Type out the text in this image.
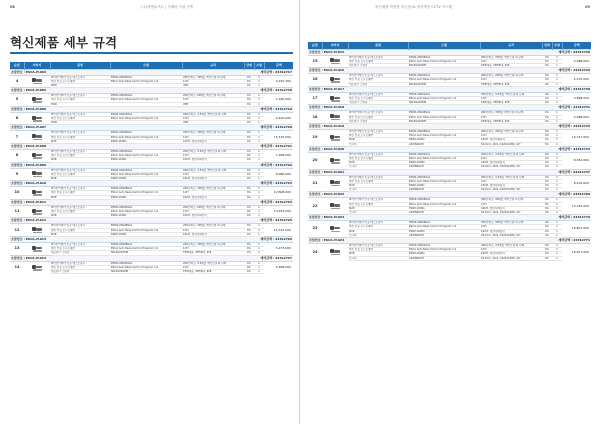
08	(주)씨앤소프트 | 카메라 사업 구축
혁신제품 세부 규격
순번	이미지	품명	모델	규격	단위	수량	금액
조달번호 : ESCA-IT-004				계약금액 : 24312717			
4		IP기반카메라 인증 테스트장치	ENOS-0S0080AL	200만화소, 30배율 계약모델 외 판매	EA	1	4,915,300
		혁신 인증 소프트웨어	ESCA Anti-Haze Control Program 1.0	1CH	EA	1	
		HDD		4TB	EA	1	
조달번호 : ESCA-IT-005				계약금액 : 24312718			
5		IP기반카메라 인증 테스트장치	ENOS-0S0020AL	200만화소, 20배율 계약모델 외 판매	EA	1	2,340,000
		혁신 인증 소프트웨어	ESCA Anti-Haze Control Program 1.0	1CH	EA	1	
		HDD		4TB	EA	1	
조달번호 : ESCA-IT-006				계약금액 : 24312719			
6		IP기반카메라 인증 테스트장치	ENOS-0S0020AL	200만화소, 4.3배율 계약모델 외 판매	EA	1	2,610,000
		혁신 인증 소프트웨어	ESCA Anti-Haze Control Program 1.0	1CH	EA	1	
		HDD		4TB	EA	1	
조달번호 : ESCA-IT-007				계약금액 : 24312720			
7		IP기반카메라 인증 테스트장치	ENOS-0S0080AL	200만화소, 30배율 계약모델 외 판매	EA	1	15,575,000
		혁신 인증 소프트웨어	ESCA Anti-Haze Control Program 1.0	1CH	EA	1	
		NVR	ESRP-16001	16CH, 영상녹화장치	EA	1	
조달번호 : ESCA-IT-008				계약금액 : 24312721			
8		IP기반카메라 인증 테스트장치	ENOS-0S0020AL	200만화소, 4.3배율 계약모델 외 판매	EA	1	7,998,000
		혁신 인증 소프트웨어	ESCA Anti-Haze Control Program 1.0	1CH	EA	1	
		NVR	ESRP-16001	16CH, 영상녹화장치	EA	1	
조달번호 : ESCA-IT-009				계약금액 : 24312722			
9		IP기반카메라 인증 테스트장치	ENOS-0S0020AL	200만화소, 4.3배율 계약모델 외 판매	EA	1	8,086,000
		혁신 인증 소프트웨어	ESCA Anti-Haze Control Program 1.0	1CH	EA	1	
		NVR	ESRP-16001	16CH, 영상녹화장치	EA	1	
조달번호 : ESCA-IT-010				계약금액 : 24312723			
10		IP기반카메라 인증 테스트장치	ENOS-0S0080AL	200만화소, 30배율 계약모델 외 판매	EA	1	12,808,000
		혁신 인증 소프트웨어	ESCA Anti-Haze Control Program 1.0	1CH	EA	1	
		NVR	ESRP-16001	16CH, 영상녹화장치	EA	1	
조달번호 : ESCA-IT-011				계약금액 : 24312724			
11		IP기반카메라 인증 테스트장치	ENOS-0S0020AL	200만화소, 20배율 계약모델 외 판매	EA	1	13,453,000
		혁신 인증 소프트웨어	ESCA Anti-Haze Control Program 1.0	1CH	EA	1	
		NVR	ESRP-16001	16CH, 영상녹화장치	EA	1	
조달번호 : ESCA-IT-012				계약금액 : 24312725			
12		IP기반카메라 인증 테스트장치	ENOS-0S0080AL	200만화소, 30배율 계약모델 외 판매	EA	1	15,515,000
		혁신 인증 소프트웨어	ESCA Anti-Haze Control Program 1.0	1CH	EA	1	
		NVR	ESRP-16001	16CH, 영상녹화장치	EA	1	
조달번호 : ESCA-IT-013				계약금액 : 24312726			
13		IP기반카메라 인증 테스트장치	ENOS-0S0080AL	200만화소, 30배율 계약모델 외 판매	EA	1	5,273,000
		혁신 인증 소프트웨어	ESCA Anti-Haze Control Program 1.0	1CH	EA	1	
		네트워크 스위치	NR-PG2408M	TP/8대용, SFP/8대, PoE	EA	1	
조달번호 : ESCA-IT-014				계약금액 : 24312727			
14		IP기반카메라 인증 테스트장치	ENOS-0S0020AL	200만화소, 4.3배율 계약모델 외 판매	EA	1	2,898,000
		혁신 인증 소프트웨어	ESCA Anti-Haze Control Program 1.0	1CH	EA	1	
		네트워크 스위치	NR-PG2408M	TP/8대용, SFP/8대, PoE	EA	1	
혁신제품 적용한 지능형 AI 영상개선 CCTV 시스템	09
순번	이미지	품명	모델	규격	단위	수량	금액
조달번호 : ESCA-IT-015				계약금액 : 24312728			
15		IP기반카메라 인증 테스트장치	ENOS-0S0080AL	200만화소, 30배율 계약모델 외 판매	EA	1	2,968,000
		혁신 인증 소프트웨어	ESCA Anti-Haze Control Program 1.0	1CH	EA	1	
		네트워크 스위치	NR-PG2408M	TP/8대용, SFP/8대, PoE	EA	1	
조달번호 : ESCA-IT-016				계약금액 : 24312729			
16		IP기반카메라 인증 테스트장치	ENOS-0S0020AL	200만화소, 20배율 계약모델 외 판매	EA	1	5,270,000
		혁신 인증 소프트웨어	ESCA Anti-Haze Control Program 1.0	1CH	EA	1	
		네트워크 스위치	NR-PG2408M	TP/8대용, SFP/8대, PoE	EA	1	
조달번호 : ESCA-IT-017				계약금액 : 24312730			
17		IP기반카메라 인증 테스트장치	ENOS-0S0020AL	200만화소, 4.3배율 계약모델 외 판매	EA	1	3,898,000
		혁신 인증 소프트웨어	ESCA Anti-Haze Control Program 1.0	1CH	EA	1	
		네트워크 스위치	NR-PG2408M	TP/8대용, SFP/8대, PoE	EA	1	
조달번호 : ESCA-IT-018				계약금액 : 24312731			
18		IP기반카메라 인증 테스트장치	ENOS-0S0080AL	200만화소, 30배율 계약모델 외 판매	EA	1	2,968,000
		혁신 인증 소프트웨어	ESCA Anti-Haze Control Program 1.0	1CH	EA	1	
		네트워크 스위치	NR-PG2408M	TP/8대용, SFP/8대, PoE	EA	1	
조달번호 : ESCA-IT-019				계약금액 : 24312733			
19		IP기반카메라 인증 테스트장치	ENOS-0S0080AL	200만화소, 30배율 계약모델 외 판매	EA	1	10,727,000
		혁신 인증 소프트웨어	ESCA Anti-Haze Control Program 1.0	1CH	EA	1	
		NVR	ESRP-16001	16CH, 영상녹화장치	EA	1	
		모니터	22WN400H	54.6cm, 16:9, 1920x1080, 22"	EA	1	
조달번호 : ESCA-IT-020				계약금액 : 24312734			
20		IP기반카메라 인증 테스트장치	ENOS-0S0020AL	200만화소, 4.3배율 계약모델 외 판매	EA	1	8,352,000
		혁신 인증 소프트웨어	ESCA Anti-Haze Control Program 1.0	1CH	EA	1	
		NVR	ESRP-16001	16CH, 영상녹화장치	EA	1	
		모니터	22WN400H	54.6cm, 16:9, 1920x1080, 22"	EA	1	
조달번호 : ESCA-IT-021				계약금액 : 24312737			
21		IP기반카메라 인증 테스트장치	ENOS-0S0020AL	200만화소, 4.3배율 계약모델 외 판매	EA	1	8,432,000
		혁신 인증 소프트웨어	ESCA Anti-Haze Control Program 1.0	1CH	EA	1	
		NVR	ESRP-16001	16CH, 영상녹화장치	EA	1	
		모니터	22WN400H	54.6cm, 16:9, 1920x1080, 22"	EA	1	
조달번호 : ESCA-IT-022				계약금액 : 24312769			
22		IP기반카메라 인증 테스트장치	ENOS-0S0080AL	200만화소, 30배율 계약모델 외 판매	EA	1	13,182,000
		혁신 인증 소프트웨어	ESCA Anti-Haze Control Program 1.0	1CH	EA	1	
		NVR	ESRP-16001	16CH, 영상녹화장치	EA	1	
		모니터	22WN400H	54.6cm, 16:9, 1920x1080, 22"	EA	1	
조달번호 : ESCA-IT-023				계약금액 : 24312770			
23		IP기반카메라 인증 테스트장치	ENOS-0S0080AL	200만화소, 30배율 계약모델 외 판매	EA	1	19,807,000
		혁신 인증 소프트웨어	ESCA Anti-Haze Control Program 1.0	1CH	EA	1	
		NVR	ESRP-16001	16CH, 영상녹화장치	EA	1	
		모니터	22WN400H	54.6cm, 16:9, 1920x1080, 22"	EA	1	
조달번호 : ESCA-IT-024				계약금액 : 24312771			
24		IP기반카메라 인증 테스트장치	ENOS-0S0020AL	200만화소, 4.3배율 계약모델 외 판매	EA	1	19,877,000
		혁신 인증 소프트웨어	ESCA Anti-Haze Control Program 1.0	1CH	EA	1	
		NVR	ESRP-16001	16CH, 영상녹화장치	EA	1	
		모니터	22WN400H	54.6cm, 16:9, 1920x1080, 22"	EA	1	
